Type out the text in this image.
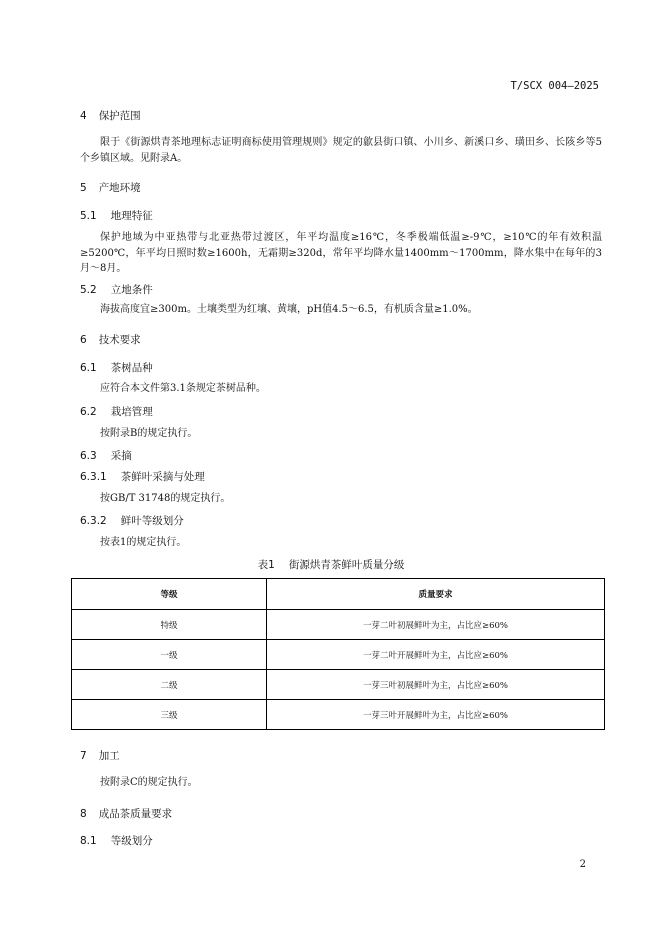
T/SCX 004—2025
4 保护范围
限于《街源烘青茶地理标志证明商标使用管理规则》规定的歙县街口镇、小川乡、新溪口乡、璜田乡、长陔乡等5个乡镇区域。见附录A。
5 产地环境
5.1 地理特征
保护地域为中亚热带与北亚热带过渡区，年平均温度≥16℃，冬季极端低温≥-9℃，≥10℃的年有效积温≥5200℃，年平均日照时数≥1600h，无霜期≥320d，常年平均降水量1400mm～1700mm，降水集中在每年的3月～8月。
5.2 立地条件
海拔高度宜≥300m。土壤类型为红壤、黄壤，pH值4.5～6.5，有机质含量≥1.0%。
6 技术要求
6.1 茶树品种
应符合本文件第3.1条规定茶树品种。
6.2 栽培管理
按附录B的规定执行。
6.3 采摘
6.3.1 茶鲜叶采摘与处理
按GB/T 31748的规定执行。
6.3.2 鲜叶等级划分
按表1的规定执行。
表1 街源烘青茶鲜叶质量分级
等级	质量要求
特级	一芽二叶初展鲜叶为主，占比应≥60%
一级	一芽二叶开展鲜叶为主，占比应≥60%
二级	一芽三叶初展鲜叶为主，占比应≥60%
三级	一芽三叶开展鲜叶为主，占比应≥60%
7 加工
按附录C的规定执行。
8 成品茶质量要求
8.1 等级划分
2
